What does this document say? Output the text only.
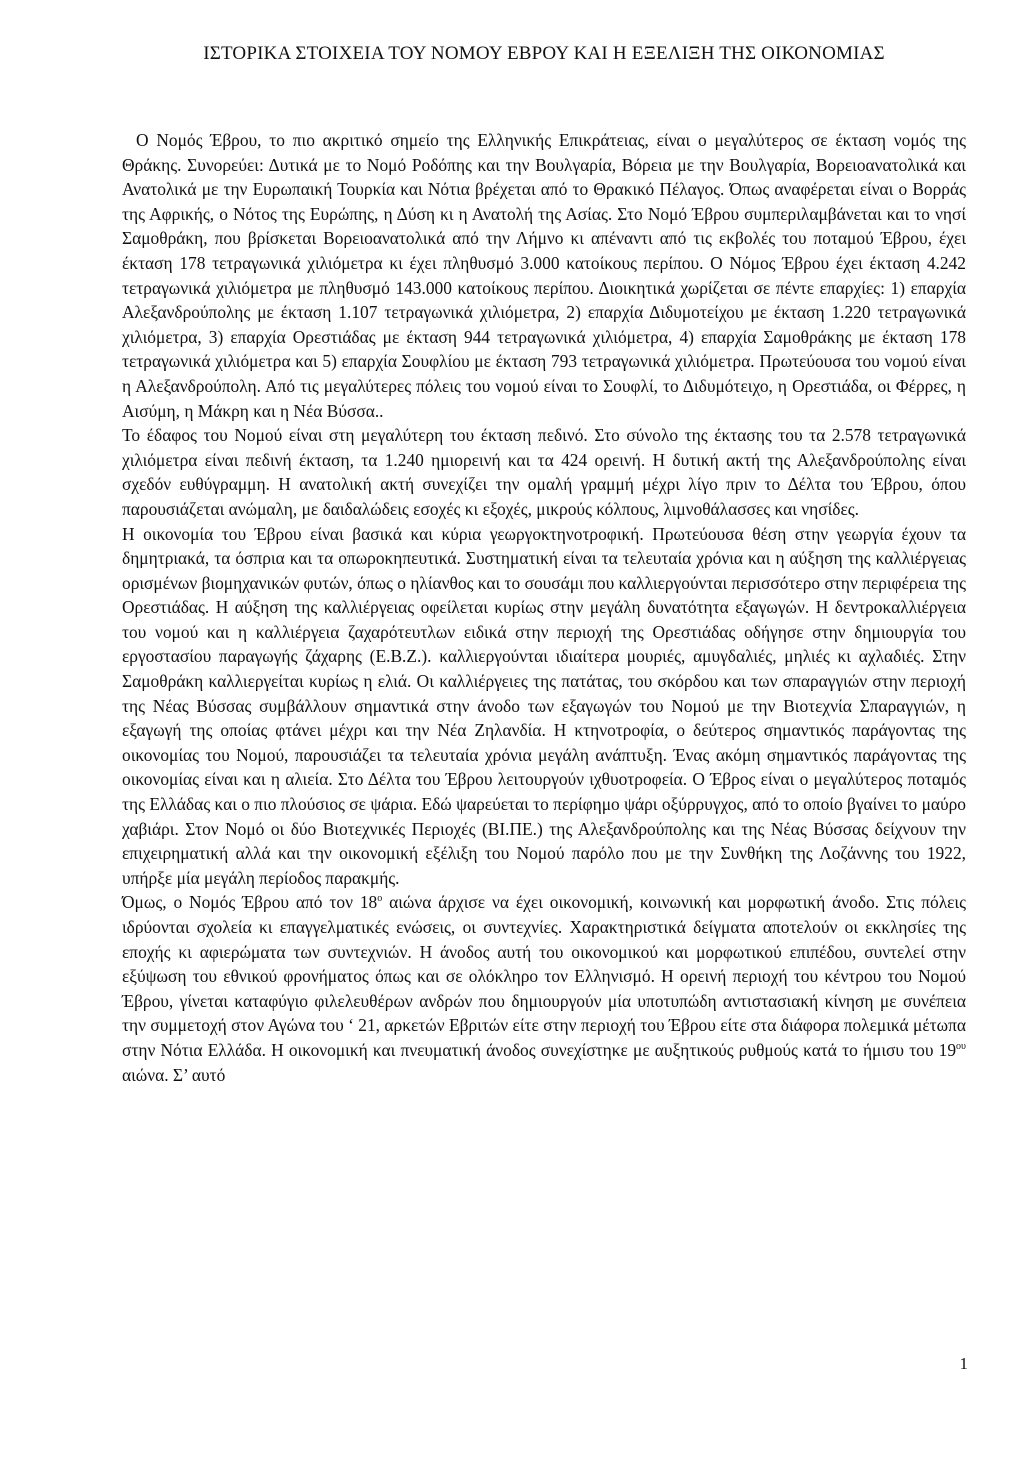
ΙΣΤΟΡΙΚΑ ΣΤΟΙΧΕΙΑ ΤΟΥ ΝΟΜΟΥ ΕΒΡΟΥ ΚΑΙ Η ΕΞΕΛΙΞΗ ΤΗΣ ΟΙΚΟΝΟΜΙΑΣ

Ο Νομός Έβρου, το πιο ακριτικό σημείο της Ελληνικής Επικράτειας, είναι ο μεγαλύτερος σε έκταση νομός της Θράκης. Συνορεύει: Δυτικά με το Νομό Ροδόπης και την Βουλγαρία, Βόρεια με την Βουλγαρία, Βορειοανατολικά και Ανατολικά με την Ευρωπαική Τουρκία και Νότια βρέχεται από το Θρακικό Πέλαγος. Όπως αναφέρεται είναι ο Βορράς της Αφρικής, ο Νότος της Ευρώπης, η Δύση κι η Ανατολή της Ασίας. Στο Νομό Έβρου συμπεριλαμβάνεται και το νησί Σαμοθράκη, που βρίσκεται Βορειοανατολικά από την Λήμνο κι απέναντι από τις εκβολές του ποταμού Έβρου, έχει έκταση 178 τετραγωνικά χιλιόμετρα κι έχει πληθυσμό 3.000 κατοίκους περίπου. Ο Νόμος Έβρου έχει έκταση 4.242 τετραγωνικά χιλιόμετρα με πληθυσμό 143.000 κατοίκους περίπου. Διοικητικά χωρίζεται σε πέντε επαρχίες: 1) επαρχία Αλεξανδρούπολης με έκταση 1.107 τετραγωνικά χιλιόμετρα, 2) επαρχία Διδυμοτείχου με έκταση 1.220 τετραγωνικά χιλιόμετρα, 3) επαρχία Ορεστιάδας με έκταση 944 τετραγωνικά χιλιόμετρα, 4) επαρχία Σαμοθράκης με έκταση 178 τετραγωνικά χιλιόμετρα και 5) επαρχία Σουφλίου με έκταση 793 τετραγωνικά χιλιόμετρα. Πρωτεύουσα του νομού είναι η Αλεξανδρούπολη. Από τις μεγαλύτερες πόλεις του νομού είναι το Σουφλί, το Διδυμότειχο, η Ορεστιάδα, οι Φέρρες, η Αισύμη, η Μάκρη και η Νέα Βύσσα..

Το έδαφος του Νομού είναι στη μεγαλύτερη του έκταση πεδινό. Στο σύνολο της έκτασης του τα 2.578 τετραγωνικά χιλιόμετρα είναι πεδινή έκταση, τα 1.240 ημιορεινή και τα 424 ορεινή. Η δυτική ακτή της Αλεξανδρούπολης είναι σχεδόν ευθύγραμμη. Η ανατολική ακτή συνεχίζει την ομαλή γραμμή μέχρι λίγο πριν το Δέλτα του Έβρου, όπου παρουσιάζεται ανώμαλη, με δαιδαλώδεις εσοχές κι εξοχές, μικρούς κόλπους, λιμνοθάλασσες και νησίδες.

Η οικονομία του Έβρου είναι βασικά και κύρια γεωργοκτηνοτροφική. Πρωτεύουσα θέση στην γεωργία έχουν τα δημητριακά, τα όσπρια και τα οπωροκηπευτικά. Συστηματική είναι τα τελευταία χρόνια και η αύξηση της καλλιέργειας ορισμένων βιομηχανικών φυτών, όπως ο ηλίανθος και το σουσάμι που καλλιεργούνται περισσότερο στην περιφέρεια της Ορεστιάδας. Η αύξηση της καλλιέργειας οφείλεται κυρίως στην μεγάλη δυνατότητα εξαγωγών. Η δεντροκαλλιέργεια του νομού και η καλλιέργεια ζαχαρότευτλων ειδικά στην περιοχή της Ορεστιάδας οδήγησε στην δημιουργία του εργοστασίου παραγωγής ζάχαρης (Ε.Β.Ζ.). καλλιεργούνται ιδιαίτερα μουριές, αμυγδαλιές, μηλιές κι αχλαδιές. Στην Σαμοθράκη καλλιεργείται κυρίως η ελιά. Οι καλλιέργειες της πατάτας, του σκόρδου και των σπαραγγιών στην περιοχή της Νέας Βύσσας συμβάλλουν σημαντικά στην άνοδο των εξαγωγών του Νομού με την Βιοτεχνία Σπαραγγιών, η εξαγωγή της οποίας φτάνει μέχρι και την Νέα Ζηλανδία. Η κτηνοτροφία, ο δεύτερος σημαντικός παράγοντας της οικονομίας του Νομού, παρουσιάζει τα τελευταία χρόνια μεγάλη ανάπτυξη. Ένας ακόμη σημαντικός παράγοντας της οικονομίας είναι και η αλιεία. Στο Δέλτα του Έβρου λειτουργούν ιχθυοτροφεία. Ο Έβρος είναι ο μεγαλύτερος ποταμός της Ελλάδας και ο πιο πλούσιος σε ψάρια. Εδώ ψαρεύεται το περίφημο ψάρι οξύρρυγχος, από το οποίο βγαίνει το μαύρο χαβιάρι. Στον Νομό οι δύο Βιοτεχνικές Περιοχές (ΒΙ.ΠΕ.) της Αλεξανδρούπολης και της Νέας Βύσσας δείχνουν την επιχειρηματική αλλά και την οικονομική εξέλιξη του Νομού παρόλο που με την Συνθήκη της Λοζάννης του 1922, υπήρξε μία μεγάλη περίοδος παρακμής.

Όμως, ο Νομός Έβρου από τον $18^o$ αιώνα άρχισε να έχει οικονομική, κοινωνική και μορφωτική άνοδο. Στις πόλεις ιδρύονται σχολεία κι επαγγελματικές ενώσεις, οι συντεχνίες. Χαρακτηριστικά δείγματα αποτελούν οι εκκλησίες της εποχής κι αφιερώματα των συντεχνιών. Η άνοδος αυτή του οικονομικού και μορφωτικού επιπέδου, συντελεί στην εξύψωση του εθνικού φρονήματος όπως και σε ολόκληρο τον Ελληνισμό. Η ορεινή περιοχή του κέντρου του Νομού Έβρου, γίνεται καταφύγιο φιλελευθέρων ανδρών που δημιουργούν μία υποτυπώδη αντιστασιακή κίνηση με συνέπεια την συμμετοχή στον Αγώνα του ‘ 21, αρκετών Εβριτών είτε στην περιοχή του Έβρου είτε στα διάφορα πολεμικά μέτωπα στην Νότια Ελλάδα. Η οικονομική και πνευματική άνοδος συνεχίστηκε με αυξητικούς ρυθμούς κατά το ήμισυ του $19^{o\upsilon}$ αιώνα. Σ’ αυτό

1
